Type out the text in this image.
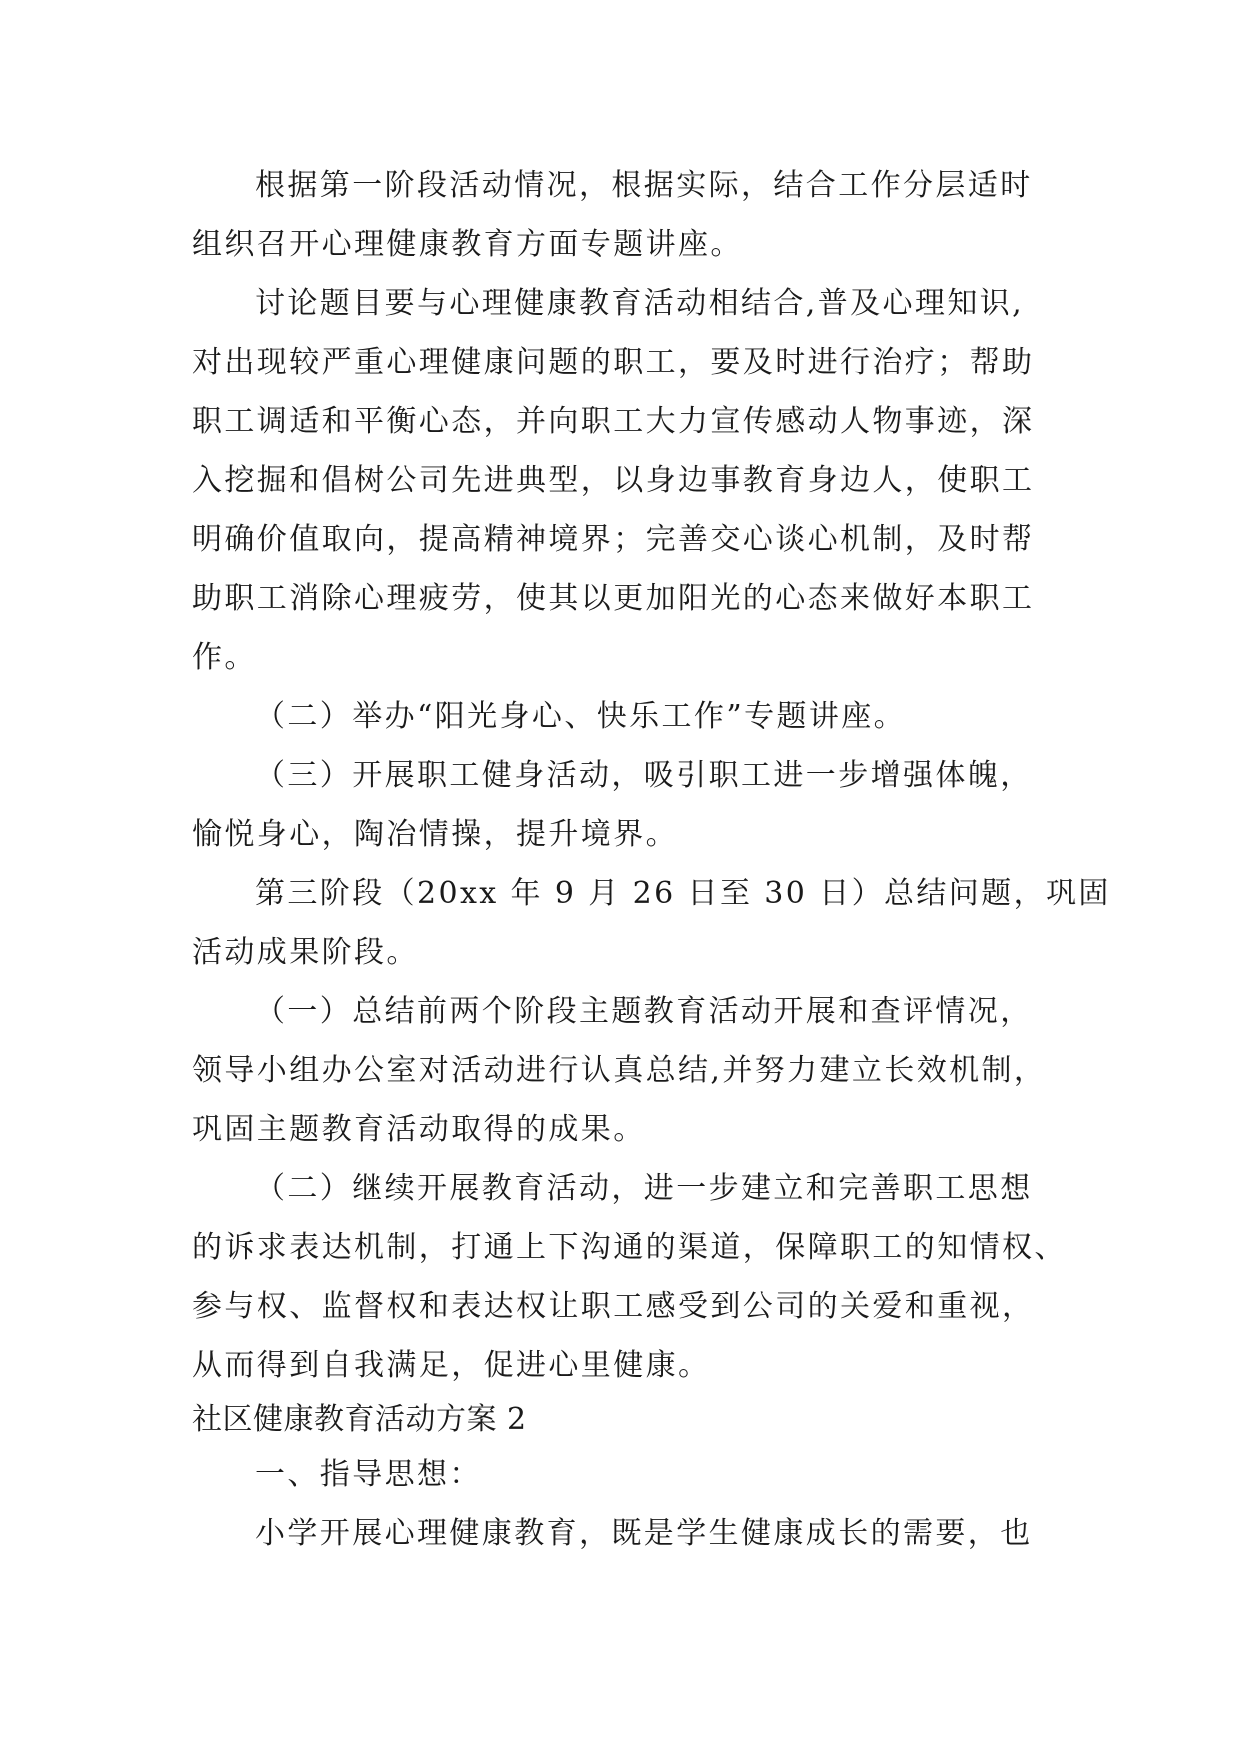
根据第一阶段活动情况，根据实际，结合工作分层适时
组织召开心理健康教育方面专题讲座。
讨论题目要与心理健康教育活动相结合,普及心理知识,
对出现较严重心理健康问题的职工，要及时进行治疗；帮助
职工调适和平衡心态，并向职工大力宣传感动人物事迹，深
入挖掘和倡树公司先进典型，以身边事教育身边人，使职工
明确价值取向，提高精神境界；完善交心谈心机制，及时帮
助职工消除心理疲劳，使其以更加阳光的心态来做好本职工
作。
（二）举办“阳光身心、快乐工作”专题讲座。
（三）开展职工健身活动，吸引职工进一步增强体魄，
愉悦身心，陶冶情操，提升境界。
第三阶段（20xx 年 9 月 26 日至 30 日）总结问题，巩固
活动成果阶段。
（一）总结前两个阶段主题教育活动开展和查评情况，
领导小组办公室对活动进行认真总结,并努力建立长效机制，
巩固主题教育活动取得的成果。
（二）继续开展教育活动，进一步建立和完善职工思想
的诉求表达机制，打通上下沟通的渠道，保障职工的知情权、
参与权、监督权和表达权让职工感受到公司的关爱和重视，
从而得到自我满足，促进心里健康。
社区健康教育活动方案 2
一、指导思想：
小学开展心理健康教育，既是学生健康成长的需要，也
